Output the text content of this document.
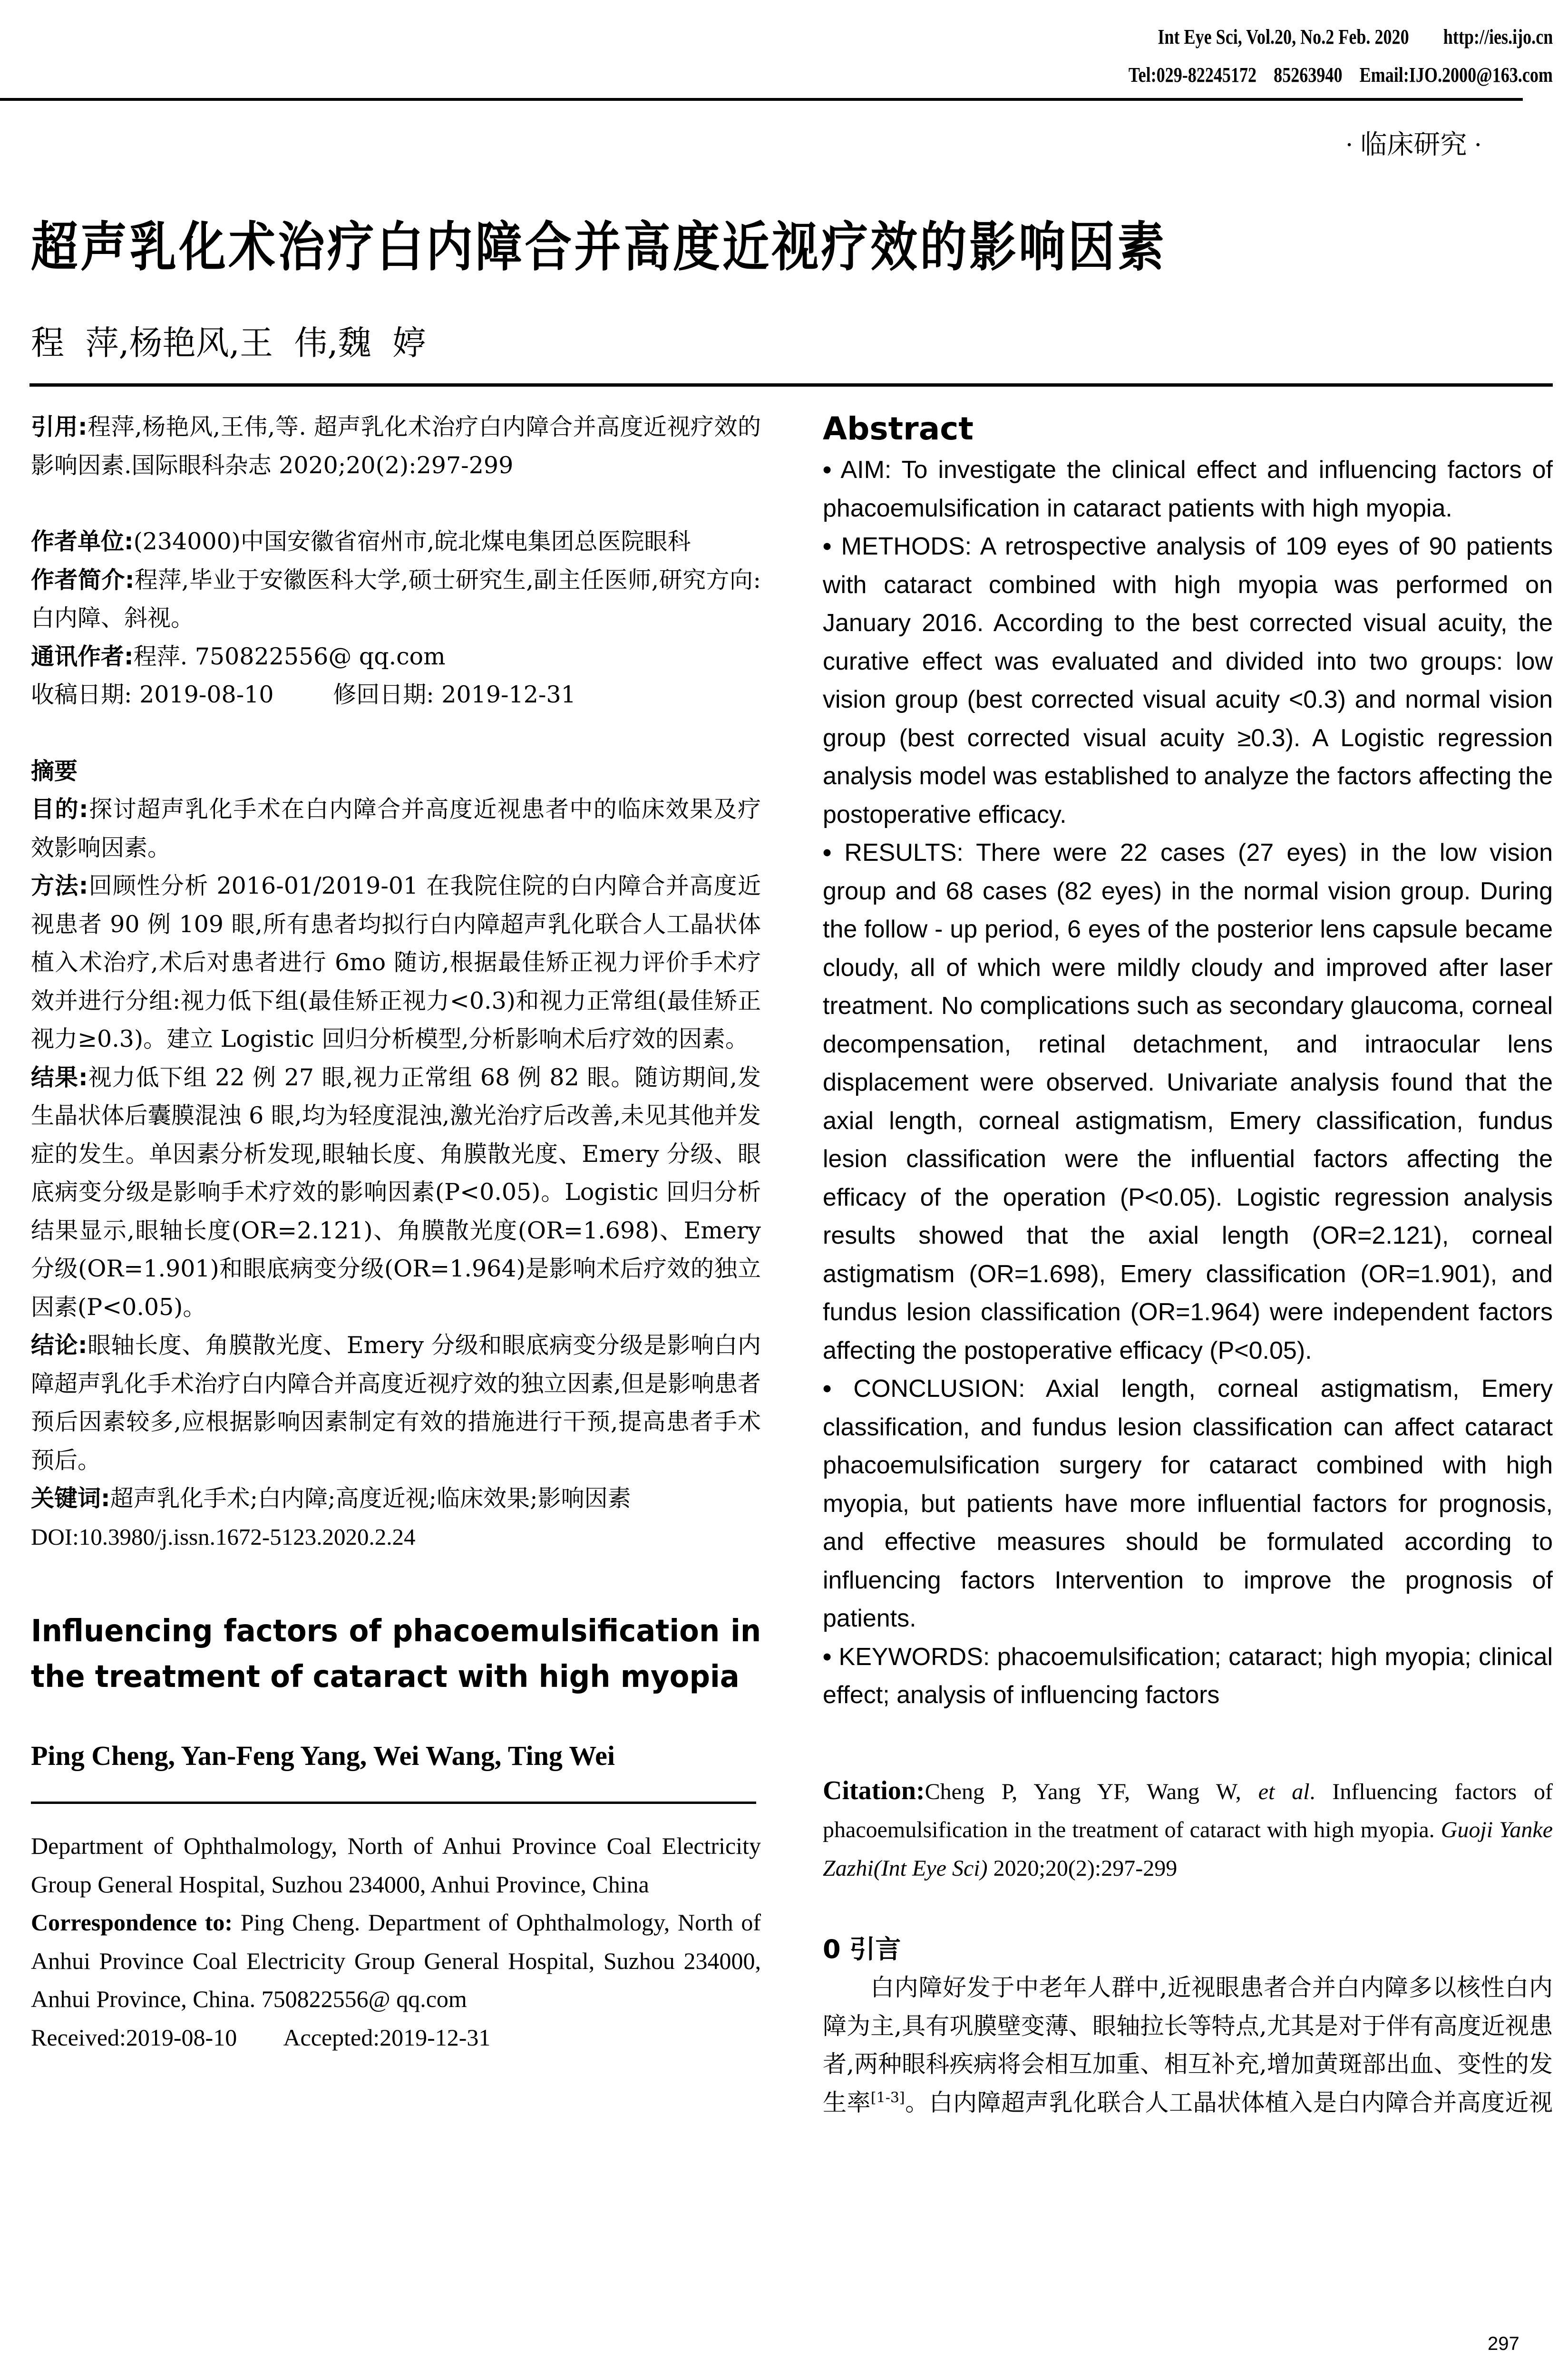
Int Eye Sci, Vol.20, No.2 Feb. 2020        http://ies.ijo.cn
Tel:029-82245172    85263940    Email:IJO.2000@163.com
· 临床研究 ·
超声乳化术治疗白内障合并高度近视疗效的影响因素
程  萍,杨艳风,王  伟,魏  婷
引用:程萍,杨艳风,王伟,等. 超声乳化术治疗白内障合并高度近视疗效的影响因素.国际眼科杂志 2020;20(2):297-299
作者单位:(234000)中国安徽省宿州市,皖北煤电集团总医院眼科
作者简介:程萍,毕业于安徽医科大学,硕士研究生,副主任医师,研究方向:白内障、斜视。
通讯作者:程萍. 750822556@ qq.com
收稿日期: 2019-08-10	修回日期: 2019-12-31
摘要
目的:探讨超声乳化手术在白内障合并高度近视患者中的临床效果及疗效影响因素。
方法:回顾性分析 2016-01/2019-01 在我院住院的白内障合并高度近视患者 90 例 109 眼,所有患者均拟行白内障超声乳化联合人工晶状体植入术治疗,术后对患者进行 6mo 随访,根据最佳矫正视力评价手术疗效并进行分组:视力低下组(最佳矫正视力<0.3)和视力正常组(最佳矫正视力≥0.3)。建立 Logistic 回归分析模型,分析影响术后疗效的因素。
结果:视力低下组 22 例 27 眼,视力正常组 68 例 82 眼。随访期间,发生晶状体后囊膜混浊 6 眼,均为轻度混浊,激光治疗后改善,未见其他并发症的发生。单因素分析发现,眼轴长度、角膜散光度、Emery 分级、眼底病变分级是影响手术疗效的影响因素(P<0.05)。Logistic 回归分析结果显示,眼轴长度(OR=2.121)、角膜散光度(OR=1.698)、Emery 分级(OR=1.901)和眼底病变分级(OR=1.964)是影响术后疗效的独立因素(P<0.05)。
结论:眼轴长度、角膜散光度、Emery 分级和眼底病变分级是影响白内障超声乳化手术治疗白内障合并高度近视疗效的独立因素,但是影响患者预后因素较多,应根据影响因素制定有效的措施进行干预,提高患者手术预后。
关键词:超声乳化手术;白内障;高度近视;临床效果;影响因素
DOI:10.3980/j.issn.1672-5123.2020.2.24
Influencing factors of phacoemulsification in the treatment of cataract with high myopia
Ping Cheng, Yan-Feng Yang, Wei Wang, Ting Wei
Department of Ophthalmology, North of Anhui Province Coal Electricity Group General Hospital, Suzhou 234000, Anhui Province, China
Correspondence to: Ping Cheng. Department of Ophthalmology, North of Anhui Province Coal Electricity Group General Hospital, Suzhou 234000, Anhui Province, China. 750822556@ qq.com
Received:2019-08-10 Accepted:2019-12-31
Abstract
• AIM: To investigate the clinical effect and influencing factors of phacoemulsification in cataract patients with high myopia.
• METHODS: A retrospective analysis of 109 eyes of 90 patients with cataract combined with high myopia was performed on January 2016. According to the best corrected visual acuity, the curative effect was evaluated and divided into two groups: low vision group (best corrected visual acuity <0.3) and normal vision group (best corrected visual acuity ≥0.3). A Logistic regression analysis model was established to analyze the factors affecting the postoperative efficacy.
• RESULTS: There were 22 cases (27 eyes) in the low vision group and 68 cases (82 eyes) in the normal vision group. During the follow - up period, 6 eyes of the posterior lens capsule became cloudy, all of which were mildly cloudy and improved after laser treatment. No complications such as secondary glaucoma, corneal decompensation, retinal detachment, and intraocular lens displacement were observed. Univariate analysis found that the axial length, corneal astigmatism, Emery classification, fundus lesion classification were the influential factors affecting the efficacy of the operation (P<0.05). Logistic regression analysis results showed that the axial length (OR=2.121), corneal astigmatism (OR=1.698), Emery classification (OR=1.901), and fundus lesion classification (OR=1.964) were independent factors affecting the postoperative efficacy (P<0.05).
• CONCLUSION: Axial length, corneal astigmatism, Emery classification, and fundus lesion classification can affect cataract phacoemulsification surgery for cataract combined with high myopia, but patients have more influential factors for prognosis, and effective measures should be formulated according to influencing factors Intervention to improve the prognosis of patients.
• KEYWORDS: phacoemulsification; cataract; high myopia; clinical effect; analysis of influencing factors
Citation:Cheng P, Yang YF, Wang W, et al. Influencing factors of phacoemulsification in the treatment of cataract with high myopia. Guoji Yanke Zazhi(Int Eye Sci) 2020;20(2):297-299
0 引言
白内障好发于中老年人群中,近视眼患者合并白内障多以核性白内障为主,具有巩膜壁变薄、眼轴拉长等特点,尤其是对于伴有高度近视患者,两种眼科疾病将会相互加重、相互补充,增加黄斑部出血、变性的发生率[1-3]。白内障超声乳化联合人工晶状体植入是白内障合并高度近视
297
